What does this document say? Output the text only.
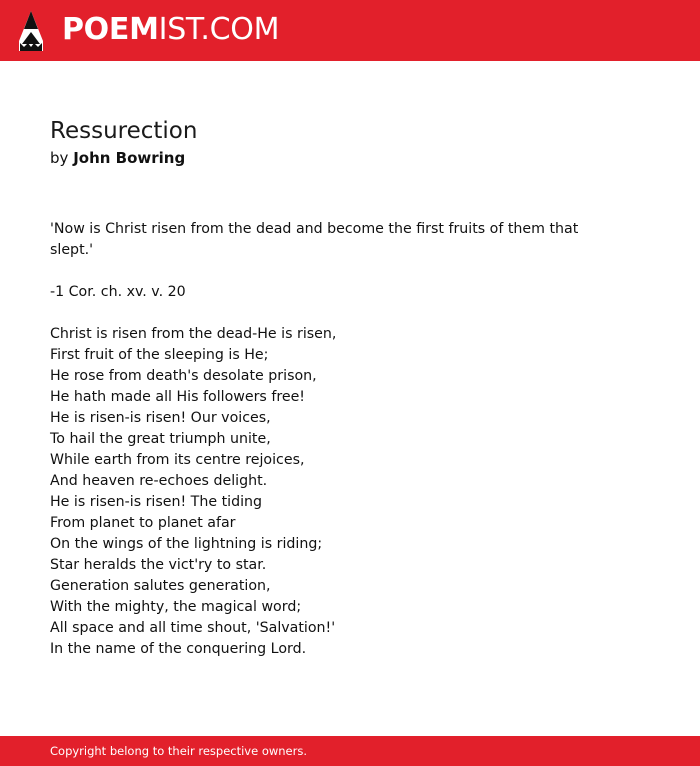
POEMIST.COM
Ressurection

by John Bowring

'Now is Christ risen from the dead and become the first fruits of them that slept.'

-1 Cor. ch. xv. v. 20

Christ is risen from the dead-He is risen,
First fruit of the sleeping is He;
He rose from death's desolate prison,
He hath made all His followers free!
He is risen-is risen! Our voices,
To hail the great triumph unite,
While earth from its centre rejoices,
And heaven re-echoes delight.
He is risen-is risen! The tiding
From planet to planet afar
On the wings of the lightning is riding;
Star heralds the vict'ry to star.
Generation salutes generation,
With the mighty, the magical word;
All space and all time shout, 'Salvation!'
In the name of the conquering Lord.

Copyright belong to their respective owners.
